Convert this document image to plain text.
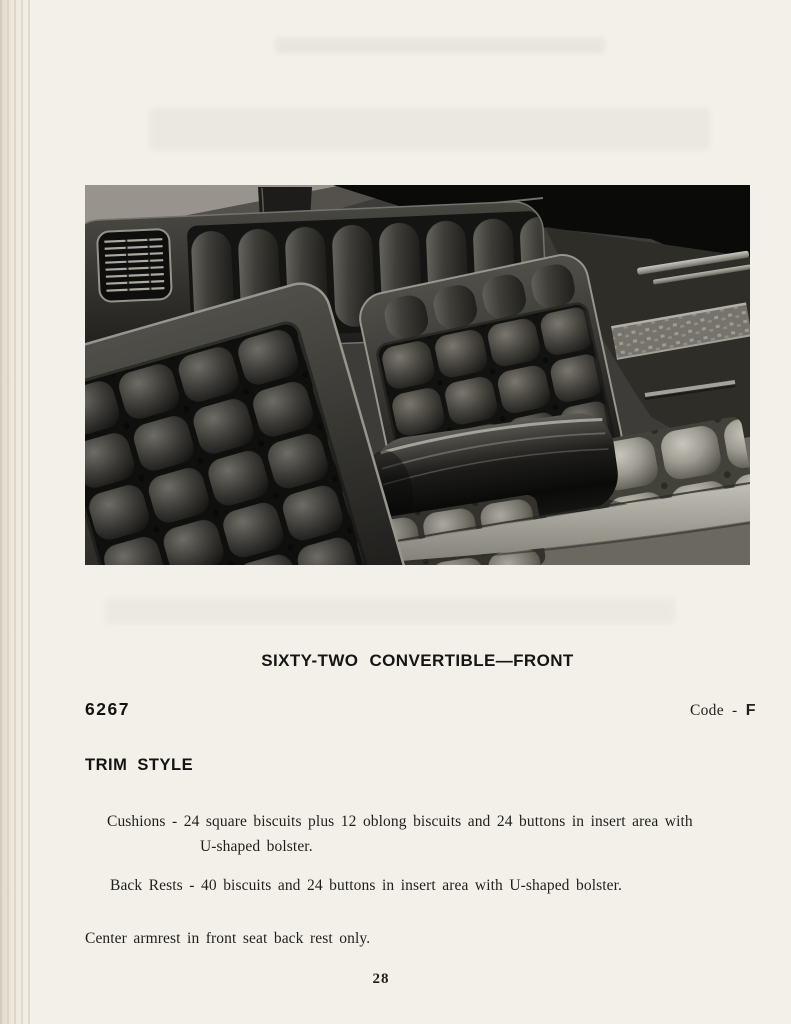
SIXTY-TWO CONVERTIBLE—FRONT
6267	Code - F
TRIM STYLE
Cushions - 24 square biscuits plus 12 oblong biscuits and 24 buttons in insert area with
U-shaped bolster.
Back Rests - 40 biscuits and 24 buttons in insert area with U-shaped bolster.
Center armrest in front seat back rest only.
28
